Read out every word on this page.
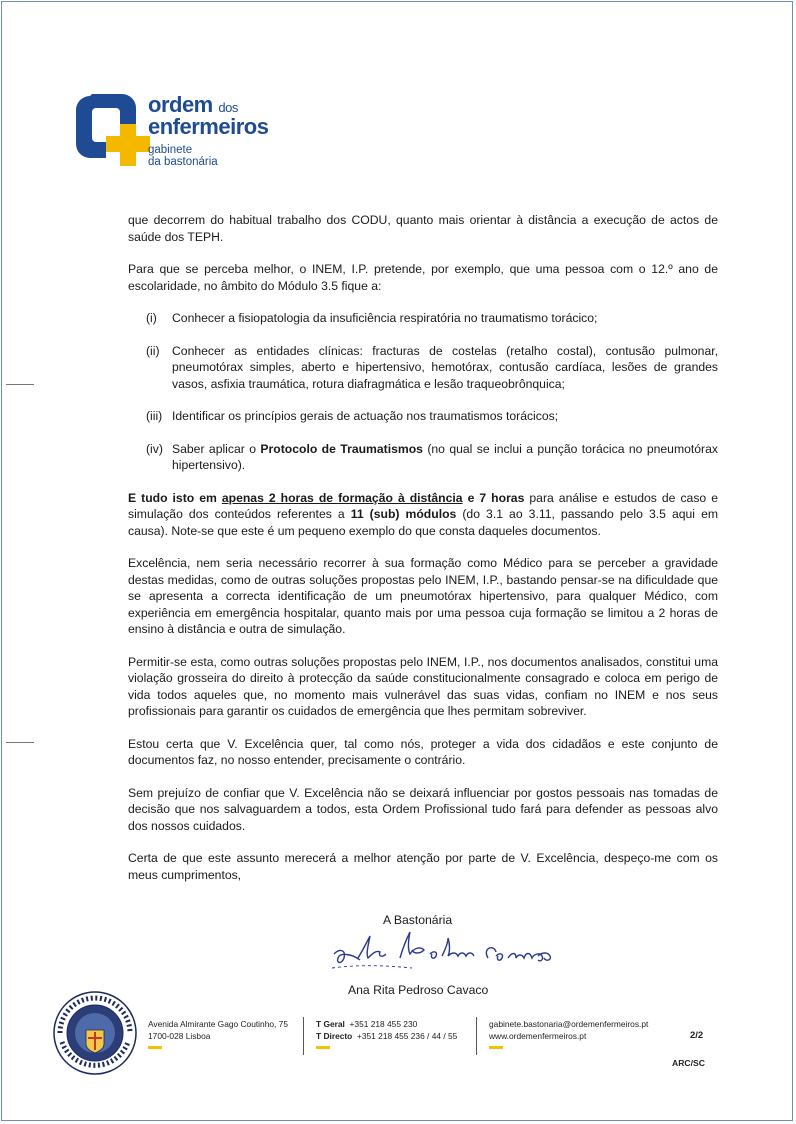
ordem dos
enfermeiros
gabinete
da bastonária

que decorrem do habitual trabalho dos CODU, quanto mais orientar à distância a execução de actos de saúde dos TEPH.

Para que se perceba melhor, o INEM, I.P. pretende, por exemplo, que uma pessoa com o 12.º ano de escolaridade, no âmbito do Módulo 3.5 fique a:

(i)	Conhecer a fisiopatologia da insuficiência respiratória no traumatismo torácico;
(ii)	Conhecer as entidades clínicas: fracturas de costelas (retalho costal), contusão pulmonar, pneumotórax simples, aberto e hipertensivo, hemotórax, contusão cardíaca, lesões de grandes vasos, asfixia traumática, rotura diafragmática e lesão traqueobrônquica;
(iii) Identificar os princípios gerais de actuação nos traumatismos torácicos;
(iv) Saber aplicar o Protocolo de Traumatismos (no qual se inclui a punção torácica no pneumotórax hipertensivo).

E tudo isto em apenas 2 horas de formação à distância e 7 horas para análise e estudos de caso e simulação dos conteúdos referentes a 11 (sub) módulos (do 3.1 ao 3.11, passando pelo 3.5 aqui em causa). Note-se que este é um pequeno exemplo do que consta daqueles documentos.

Excelência, nem seria necessário recorrer à sua formação como Médico para se perceber a gravidade destas medidas, como de outras soluções propostas pelo INEM, I.P., bastando pensar-se na dificuldade que se apresenta a correcta identificação de um pneumotórax hipertensivo, para qualquer Médico, com experiência em emergência hospitalar, quanto mais por uma pessoa cuja formação se limitou a 2 horas de ensino à distância e outra de simulação.

Permitir-se esta, como outras soluções propostas pelo INEM, I.P., nos documentos analisados, constitui uma violação grosseira do direito à protecção da saúde constitucionalmente consagrado e coloca em perigo de vida todos aqueles que, no momento mais vulnerável das suas vidas, confiam no INEM e nos seus profissionais para garantir os cuidados de emergência que lhes permitam sobreviver.

Estou certa que V. Excelência quer, tal como nós, proteger a vida dos cidadãos e este conjunto de documentos faz, no nosso entender, precisamente o contrário.

Sem prejuízo de confiar que V. Excelência não se deixará influenciar por gostos pessoais nas tomadas de decisão que nos salvaguardem a todos, esta Ordem Profissional tudo fará para defender as pessoas alvo dos nossos cuidados.

Certa de que este assunto merecerá a melhor atenção por parte de V. Excelência, despeço-me com os meus cumprimentos,

A Bastonária
Ana Rita Pedroso Cavaco
Avenida Almirante Gago Coutinho, 75
1700-028 Lisboa
T Geral +351 218 455 230
T Directo +351 218 455 236 / 44 / 55
gabinete.bastonaria@ordemenfermeiros.pt
www.ordemenfermeiros.pt	2/2
ARC/SC
